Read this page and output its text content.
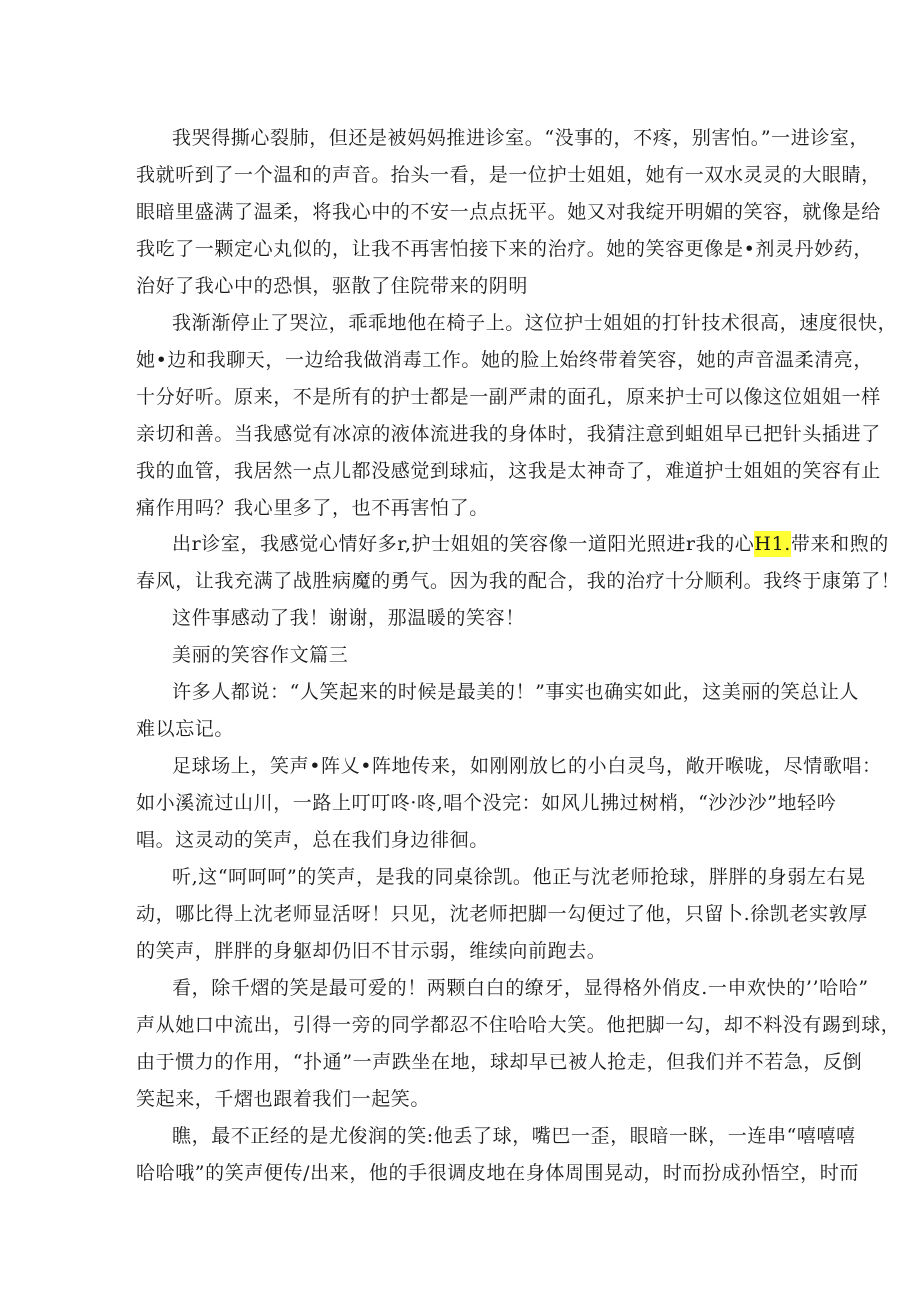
我哭得撕心裂肺，但还是被妈妈推进诊室。“没事的，不疼，别害怕。”一进诊室，
我就听到了一个温和的声音。抬头一看，是一位护士姐姐，她有一双水灵灵的大眼睛，
眼暗里盛满了温柔，将我心中的不安一点点抚平。她又对我绽开明媚的笑容，就像是给
我吃了一颗定心丸似的，让我不再害怕接下来的治疗。她的笑容更像是•剂灵丹妙药，
治好了我心中的恐惧，驱散了住院带来的阴明
我渐渐停止了哭泣，乖乖地他在椅子上。这位护士姐姐的打针技术很高，速度很快，
她•边和我聊天，一边给我做消毒工作。她的脸上始终带着笑容，她的声音温柔清亮，
十分好听。原来，不是所有的护士都是一副严肃的面孔，原来护士可以像这位姐姐一样
亲切和善。当我感觉有冰凉的液体流进我的身体时，我猜注意到蛆姐早已把针头插进了
我的血管，我居然一点儿都没感觉到球疝，这我是太神奇了，难道护士姐姐的笑容有止
痛作用吗？我心里多了，也不再害怕了。
出r诊室，我感觉心情好多r,护士姐姐的笑容像一道阳光照进r我的心H1.带来和煦的
春风，让我充满了战胜病魔的勇气。因为我的配合，我的治疗十分顺利。我终于康第了！
这件事感动了我！谢谢，那温暖的笑容！
美丽的笑容作文篇三
许多人都说：“人笑起来的时候是最美的！”事实也确实如此，这美丽的笑总让人
难以忘记。
足球场上，笑声•阵乂•阵地传来，如刚刚放匕的小白灵鸟，敞开喉咙，尽情歌唱：
如小溪流过山川，一路上叮叮咚·咚,唱个没完：如风儿拂过树梢，“沙沙沙”地轻吟
唱。这灵动的笑声，总在我们身边徘徊。
听,这“呵呵呵”的笑声，是我的同桌徐凯。他正与沈老师抢球，胖胖的身弱左右晃
动，哪比得上沈老师显活呀！只见，沈老师把脚一勾便过了他，只留卜.徐凯老实敦厚
的笑声，胖胖的身躯却仍旧不甘示弱，维续向前跑去。
看，除千熠的笑是最可爱的！两颗白白的缭牙，显得格外俏皮.一申欢快的’’哈哈”
声从她口中流出，引得一旁的同学都忍不住哈哈大笑。他把脚一勾，却不料没有踢到球，
由于惯力的作用，“扑通”一声跌坐在地，球却早已被人抢走，但我们并不若急，反倒
笑起来，千熠也跟着我们一起笑。
瞧，最不正经的是尤俊润的笑:他丢了球，嘴巴一歪，眼暗一眯，一连串“嘻嘻嘻
哈哈哦”的笑声便传/出来，他的手很调皮地在身体周围晃动，时而扮成孙悟空，时而
